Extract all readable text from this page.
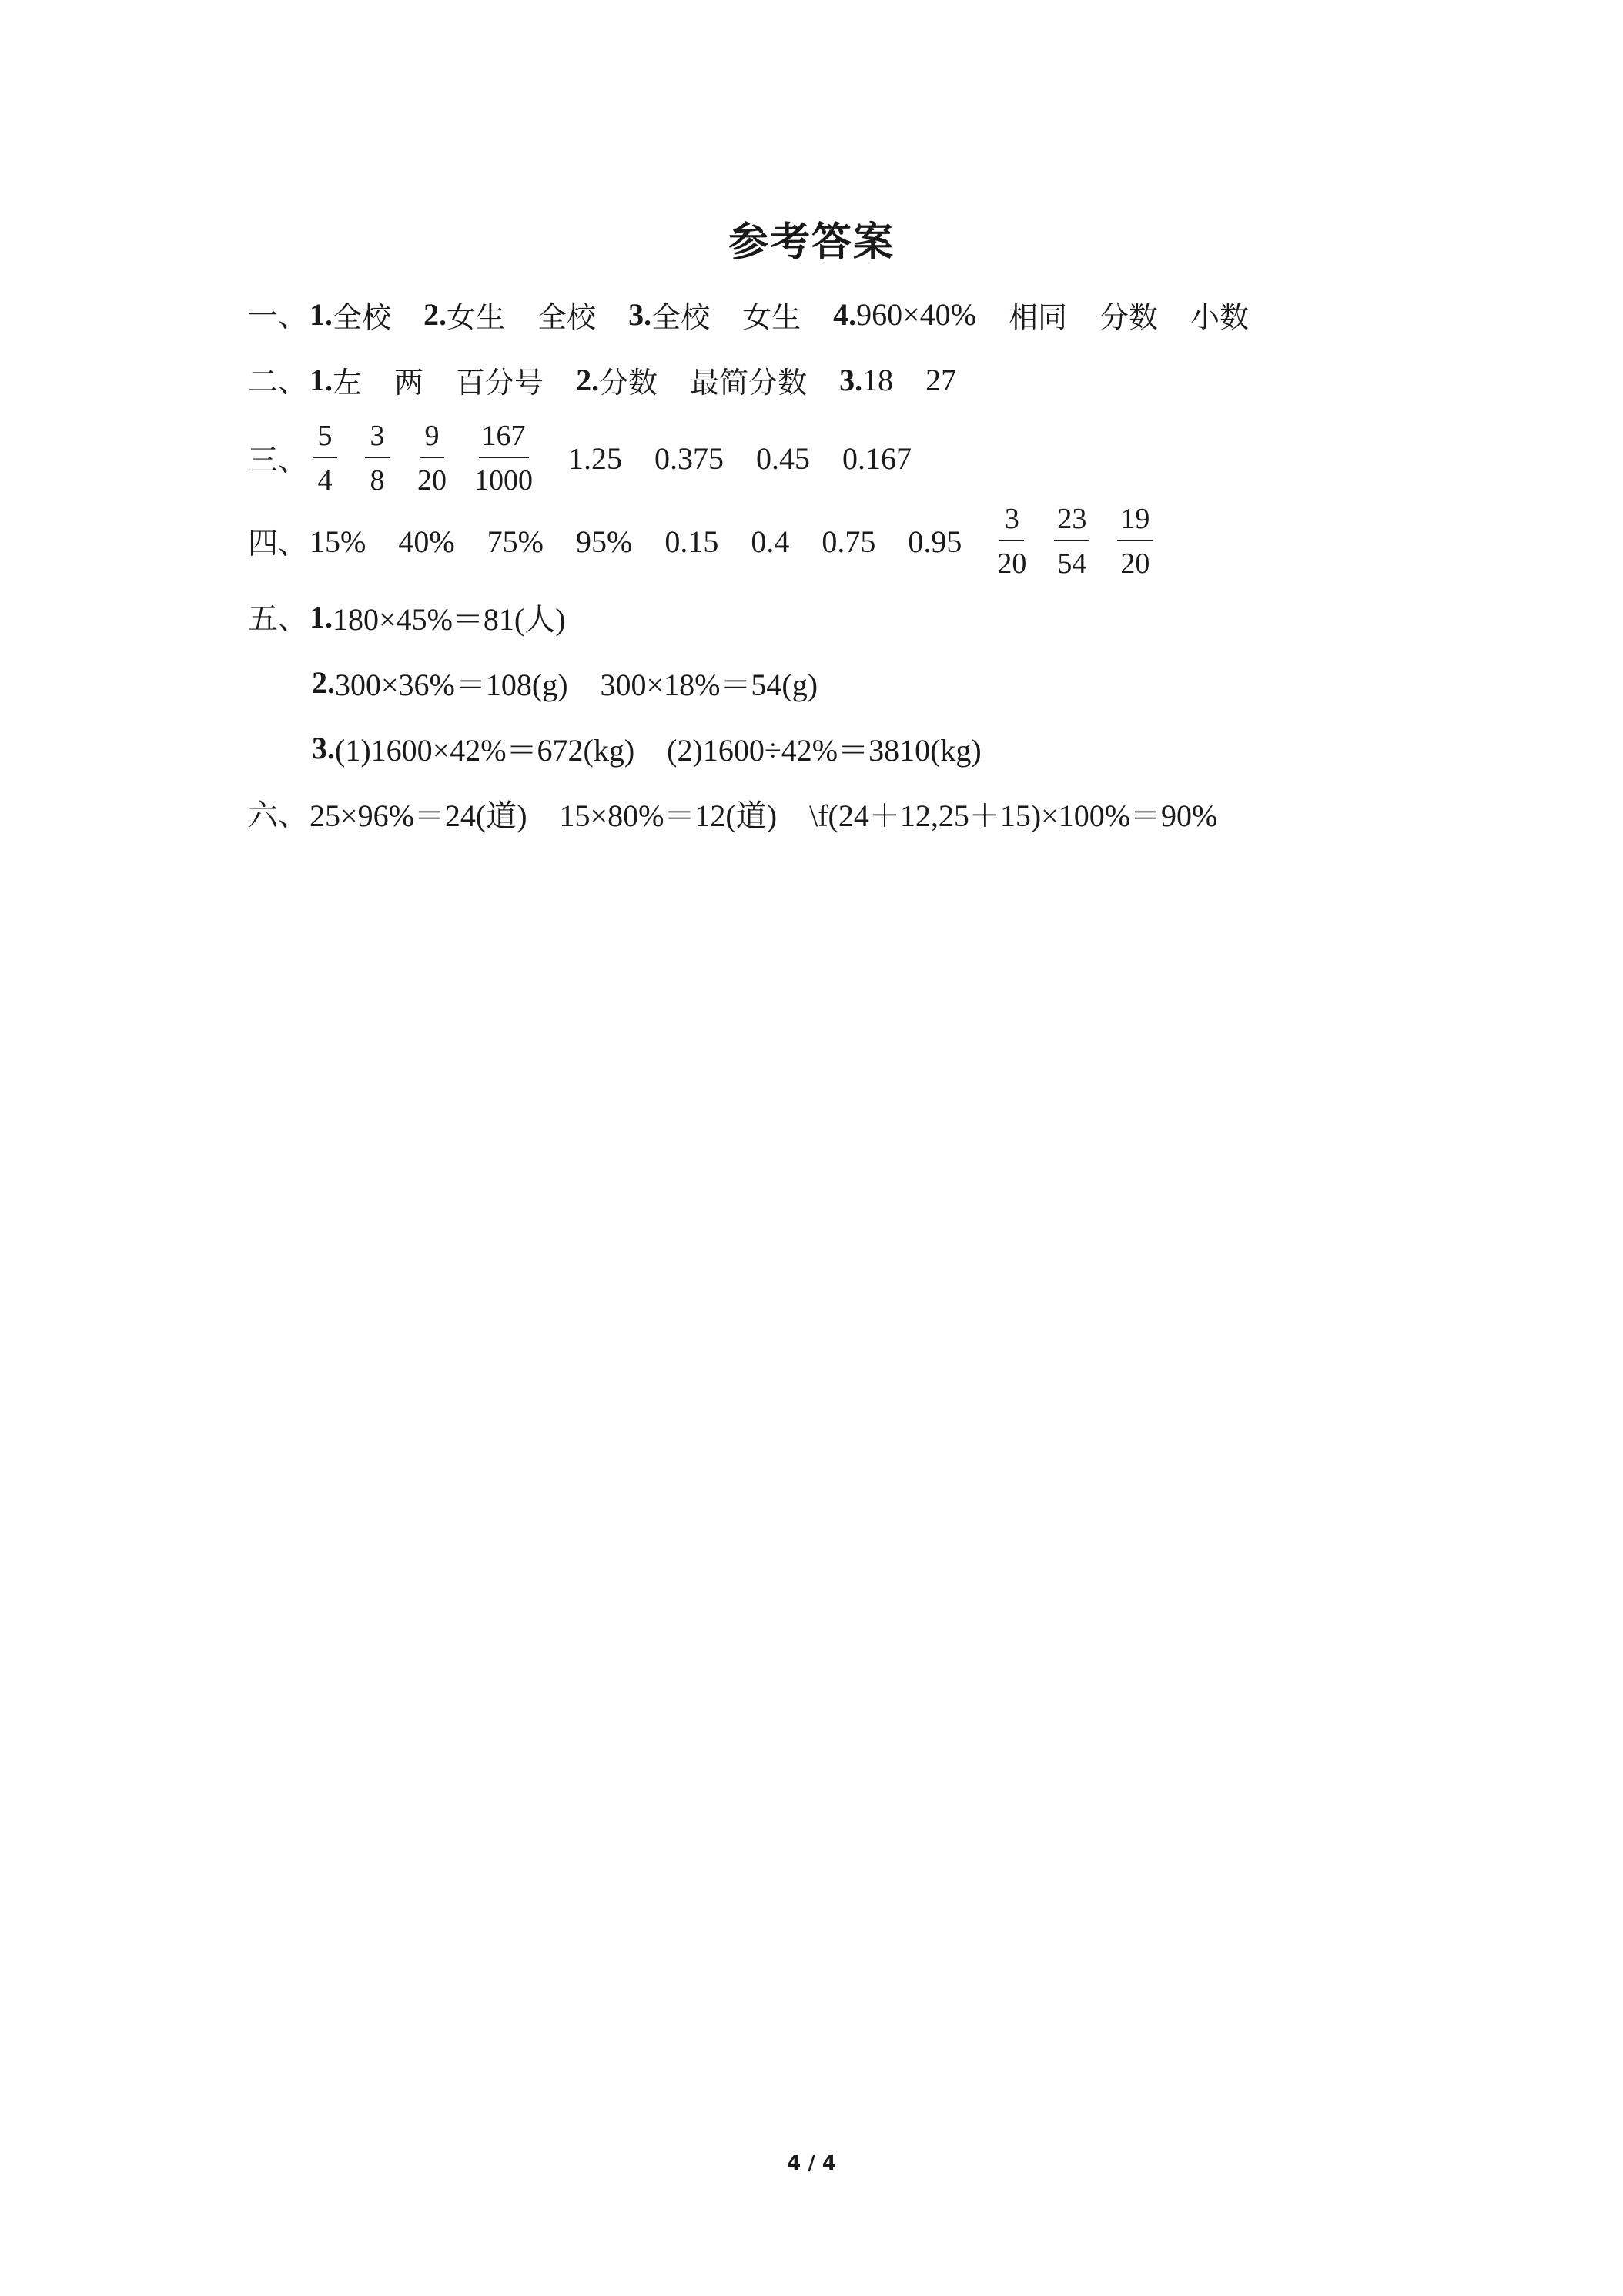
参考答案
一、 1. 全校 2. 女生 全校 3. 全校 女生 4. 960×40% 相同 分数 小数
二、 1. 左 两 百分号 2. 分数 最简分数 3. 18 27
三、 $\frac{5}{4} \frac{3}{8} \frac{9}{20} \frac{167}{1000} 1.25$ 0.375 0.45 0.167
四、 15% 40% 75% 95% 0.15 0.4 0.75 $0.95 \frac{3}{20} \frac{23}{54} \frac{19}{20}$
五、 1. 180×45%＝81(人)
2. 300×36%＝108(g) 300×18%＝54(g)
3. (1)1600×42%＝672(kg) (2)1600÷42%＝3810(kg)
六、 25×96%＝24(道) 15×80%＝12(道) \f(24＋12,25＋15)×100%＝90%
4 / 4
